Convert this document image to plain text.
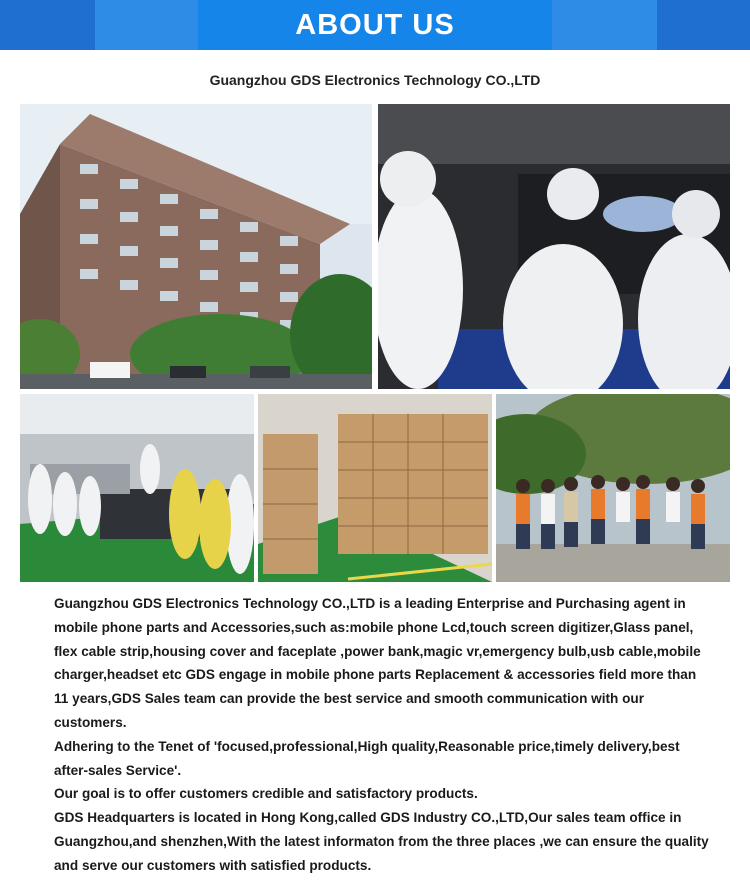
ABOUT US
Guangzhou GDS Electronics Technology CO.,LTD

Guangzhou GDS Electronics Technology CO.,LTD is a leading Enterprise and Purchasing agent in mobile phone parts and Accessories,such as:mobile phone Lcd,touch screen digitizer,Glass panel, flex cable strip,housing cover and faceplate ,power bank,magic vr,emergency bulb,usb cable,mobile charger,headset etc GDS engage in mobile phone parts Replacement & accessories field more than 11 years,GDS Sales team can provide the best service and smooth communication with our customers.

Adhering to the Tenet of 'focused,professional,High quality,Reasonable price,timely delivery,best after-sales Service'.

Our goal is to offer customers credible and satisfactory products.

GDS Headquarters is located in Hong Kong,called GDS Industry CO.,LTD,Our sales team office in Guangzhou,and shenzhen,With the latest informaton from the three places ,we can ensure the quality and serve our customers with satisfied products.
